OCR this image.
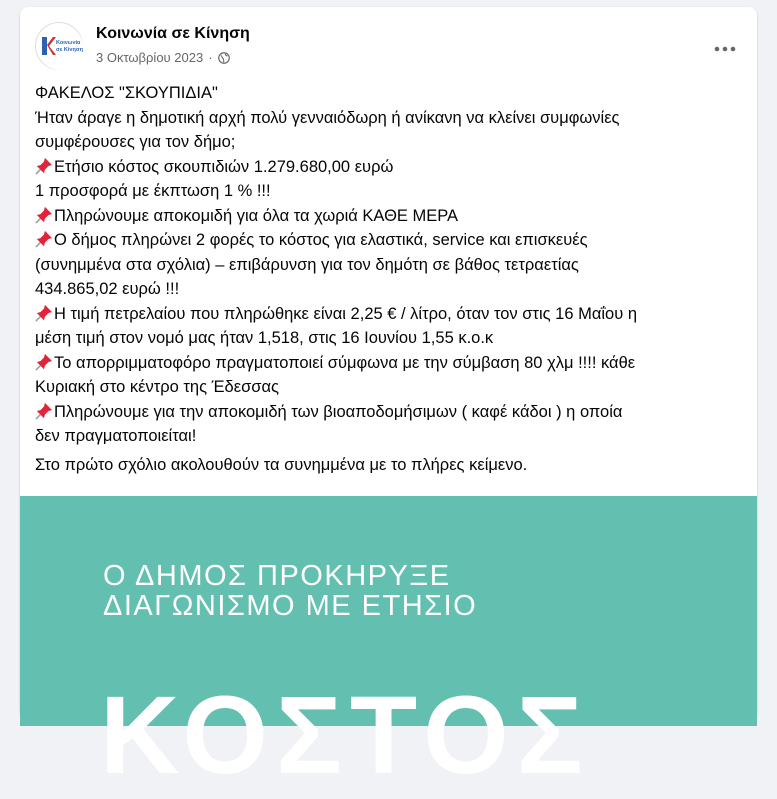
Κοινωνία
σε Κίνηση
Κοινωνία σε Κίνηση
3 Οκτωβρίου 2023 ·
ΦΑΚΕΛΟΣ "ΣΚΟΥΠΙΔΙΑ"
Ήταν άραγε η δημοτική αρχή πολύ γενναιόδωρη ή ανίκανη να κλείνει συμφωνίες
συμφέρουσες για τον δήμο;
Ετήσιο κόστος σκουπιδιών 1.279.680,00 ευρώ
1 προσφορά με έκπτωση 1 % !!!
Πληρώνουμε αποκομιδή για όλα τα χωριά ΚΑΘΕ ΜΕΡΑ
Ο δήμος πληρώνει 2 φορές το κόστος για ελαστικά, service και επισκευές
(συνημμένα στα σχόλια) – επιβάρυνση για τον δημότη σε βάθος τετραετίας
434.865,02 ευρώ !!!
Η τιμή πετρελαίου που πληρώθηκε είναι 2,25 € / λίτρο, όταν τον στις 16 Μαΐου η
μέση τιμή στον νομό μας ήταν 1,518, στις 16 Ιουνίου 1,55 κ.ο.κ
Το απορριμματοφόρο πραγματοποιεί σύμφωνα με την σύμβαση 80 χλμ !!!! κάθε
Κυριακή στο κέντρο της Έδεσσας
Πληρώνουμε για την αποκομιδή των βιοαποδομήσιμων ( καφέ κάδοι ) η οποία
δεν πραγματοποιείται!
Στο πρώτο σχόλιο ακολουθούν τα συνημμένα με το πλήρες κείμενο.
Ο ΔΗΜΟΣ ΠΡΟΚΗΡΥΞΕ
ΔΙΑΓΩΝΙΣΜΟ ΜΕ ΕΤΗΣΙΟ
ΚΟΣΤΟΣ
